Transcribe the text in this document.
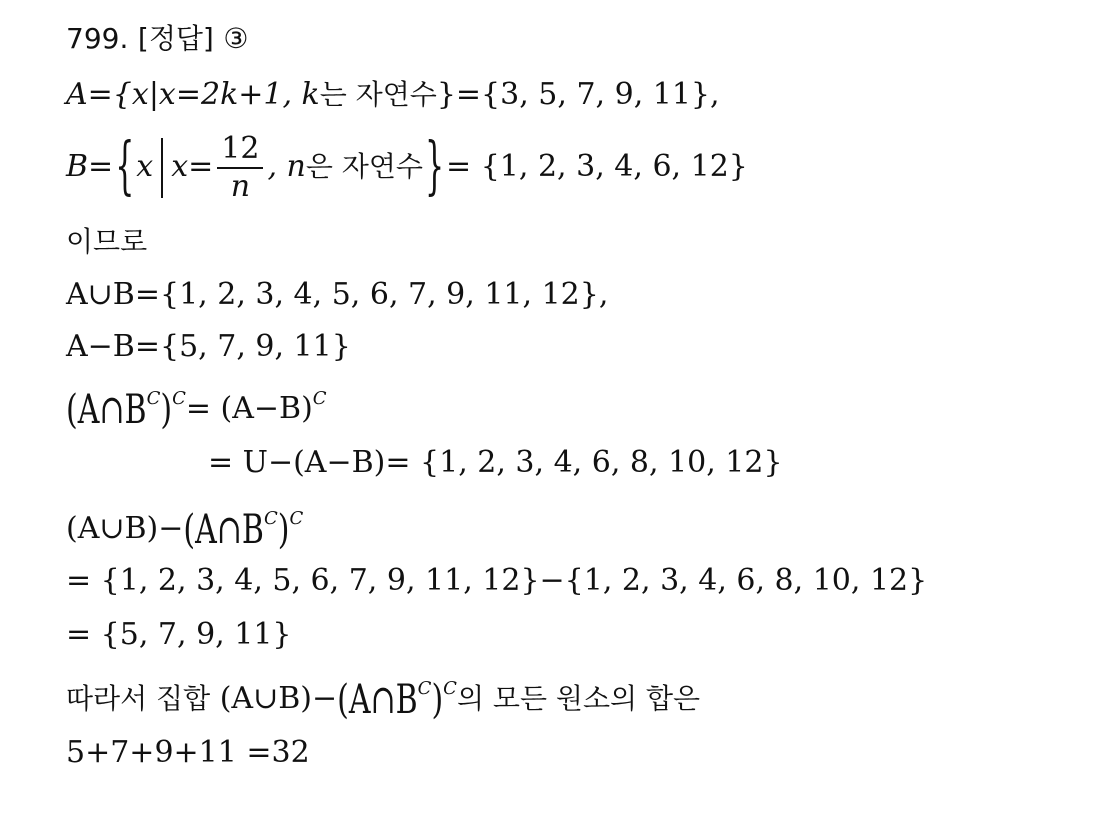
799. [정답] ③
A={x|x=2k+1, k는 자연수}={3, 5, 7, 9, 11},
B={x $x= \frac{12}{n}$ , n은 자연수}= {1, 2, 3, 4, 6, 12}
이므로
A∪B={1, 2, 3, 4, 5, 6, 7, 9, 11, 12},
A−B={5, 7, 9, 11}
$(A\cap B^C)^C= (A-B)^C$
= U−(A−B)= {1, 2, 3, 4, 6, 8, 10, 12}
$(A\cup B)-(A\cap B^C)^C$
= {1, 2, 3, 4, 5, 6, 7, 9, 11, 12}−{1, 2, 3, 4, 6, 8, 10, 12}
= {5, 7, 9, 11}
따라서 집합 $(A\cup B)-(A\cap B^C)^C$의 모든 원소의 합은
5+7+9+11 =32
